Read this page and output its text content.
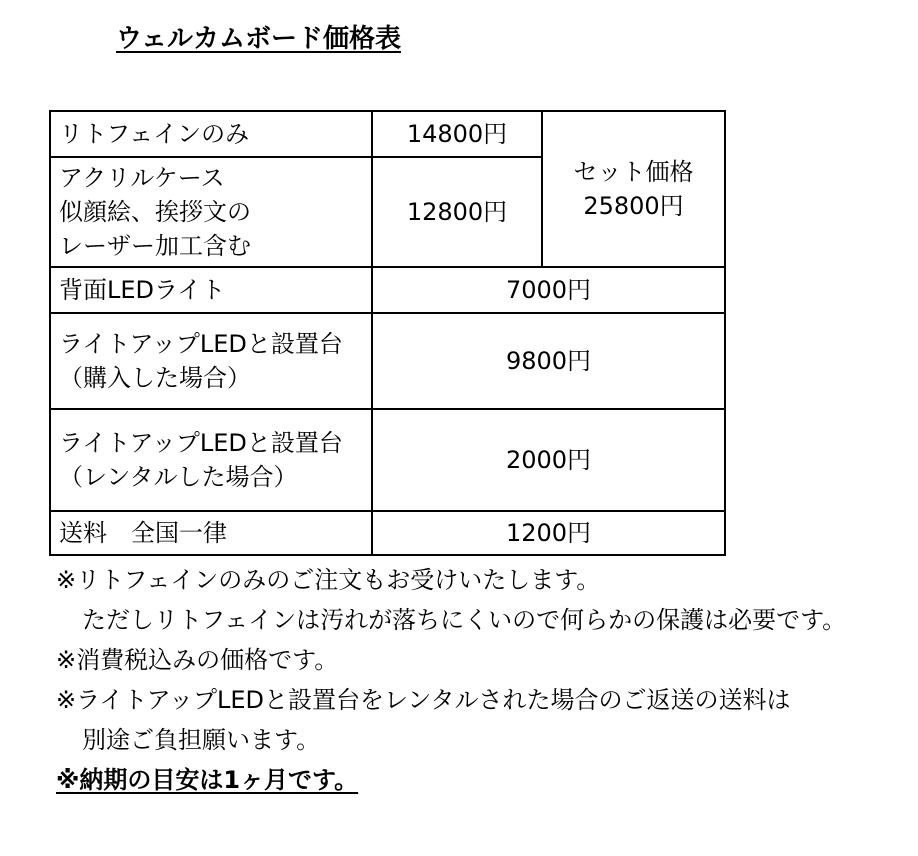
ウェルカムボード価格表
リトフェインのみ	14800円	セット価格
25800円

アクリルケース
似顔絵、挨拶文の
レーザー加工含む	12800円	

背面LEDライト	7000円	

ライトアップLEDと設置台
（購入した場合）	9800円	

ライトアップLEDと設置台
（レンタルした場合）	2000円	

送料　全国一律	1200円	
※リトフェインのみのご注文もお受けいたします。
ただしリトフェインは汚れが落ちにくいので何らかの保護は必要です。
※消費税込みの価格です。
※ライトアップLEDと設置台をレンタルされた場合のご返送の送料は
別途ご負担願います。
※納期の目安は1ヶ月です。
